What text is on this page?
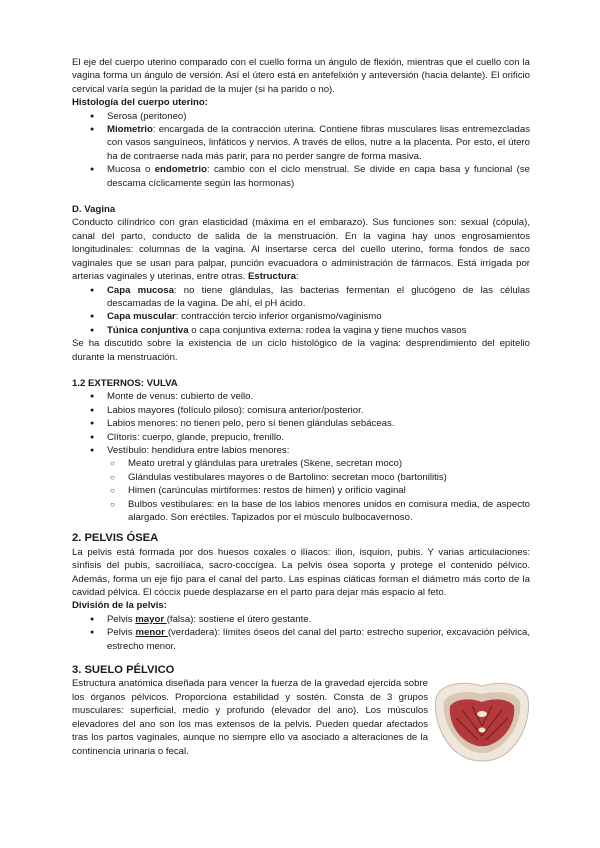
El eje del cuerpo uterino comparado con el cuello forma un ángulo de flexión, mientras que el cuello con la vagina forma un ángulo de versión. Así el útero está en antefelxión y anteversión (hacia delante). El orificio cervical varía según la paridad de la mujer (si ha parido o no).

Histología del cuerpo uterino:

● Serosa (peritoneo)
● Miometrio: encargada de la contracción uterina. Contiene fibras musculares lisas entremezcladas con vasos sanguíneos, linfáticos y nervios. A través de ellos, nutre a la placenta. Por esto, el útero ha de contraerse nada más parir, para no perder sangre de forma masiva.
● Mucosa o endometrio: cambio con el ciclo menstrual. Se divide en capa basa y funcional (se descama cíclicamente según las hormonas)

D. Vagina

Conducto cilíndrico con gran elasticidad (máxima en el embarazo). Sus funciones son: sexual (cópula), canal del parto, conducto de salida de la menstruación. En la vagina hay unos engrosamientos longitudinales: columnas de la vagina. Al insertarse cerca del cuello uterino, forma fondos de saco vaginales que se usan para palpar, punción evacuadora o administración de fármacos. Está irrigada por arterias vaginales y uterinas, entre otras. Estructura:

● Capa mucosa: no tiene glándulas, las bacterias fermentan el glucógeno de las células descamadas de la vagina. De ahí, el pH ácido.
● Capa muscular: contracción tercio inferior organismo/vaginismo
● Túnica conjuntiva o capa conjuntiva externa: rodea la vagina y tiene muchos vasos

Se ha discutido sobre la existencia de un ciclo histológico de la vagina: desprendimiento del epitelio durante la menstruación.

1.2 EXTERNOS: VULVA

● Monte de venus: cubierto de vello.
● Labios mayores (folículo piloso): comisura anterior/posterior.
● Labios menores: no tienen pelo, pero sí tienen glándulas sebáceas.
● Clítoris: cuerpo, glande, prepucio, frenillo.
● Vestíbulo: hendidura entre labios menores:
○ Meato uretral y glándulas para uretrales (Skene, secretan moco)
○ Glándulas vestibulares mayores o de Bartolino: secretan moco (bartonilitis)
○ Himen (carúnculas mirtiformes: restos de himen) y orificio vaginal
○ Bulbos vestibulares: en la base de los labios menores unidos en comisura media, de aspecto alargado. Son eréctiles. Tapizados por el músculo bulbocavernoso.

2. PELVIS ÓSEA

La pelvis está formada por dos huesos coxales o ilíacos: ilion, isquion, pubis. Y varias articulaciones: sínfisis del pubis, sacroilíaca, sacro-coccígea. La pelvis ósea soporta y protege el contenido pélvico. Además, forma un eje fijo para el canal del parto. Las espinas ciáticas forman el diámetro más corto de la cavidad pélvica. El cóccix puede desplazarse en el parto para dejar más espacio al feto.

División de la pelvis:

● Pelvis mayor (falsa): sostiene el útero gestante.
● Pelvis menor (verdadera): límites óseos del canal del parto: estrecho superior, excavación pélvica, estrecho menor.

3. SUELO PÉLVICO

Estructura anatómica diseñada para vencer la fuerza de la gravedad ejercida sobre los órganos pélvicos. Proporciona estabilidad y sostén. Consta de 3 grupos musculares: superficial, medio y profundo (elevador del ano). Los músculos elevadores del ano son los mas extensos de la pelvis. Pueden quedar afectados tras los partos vaginales, aunque no siempre ello va asociado a alteraciones de la continencia urinaria o fecal.
